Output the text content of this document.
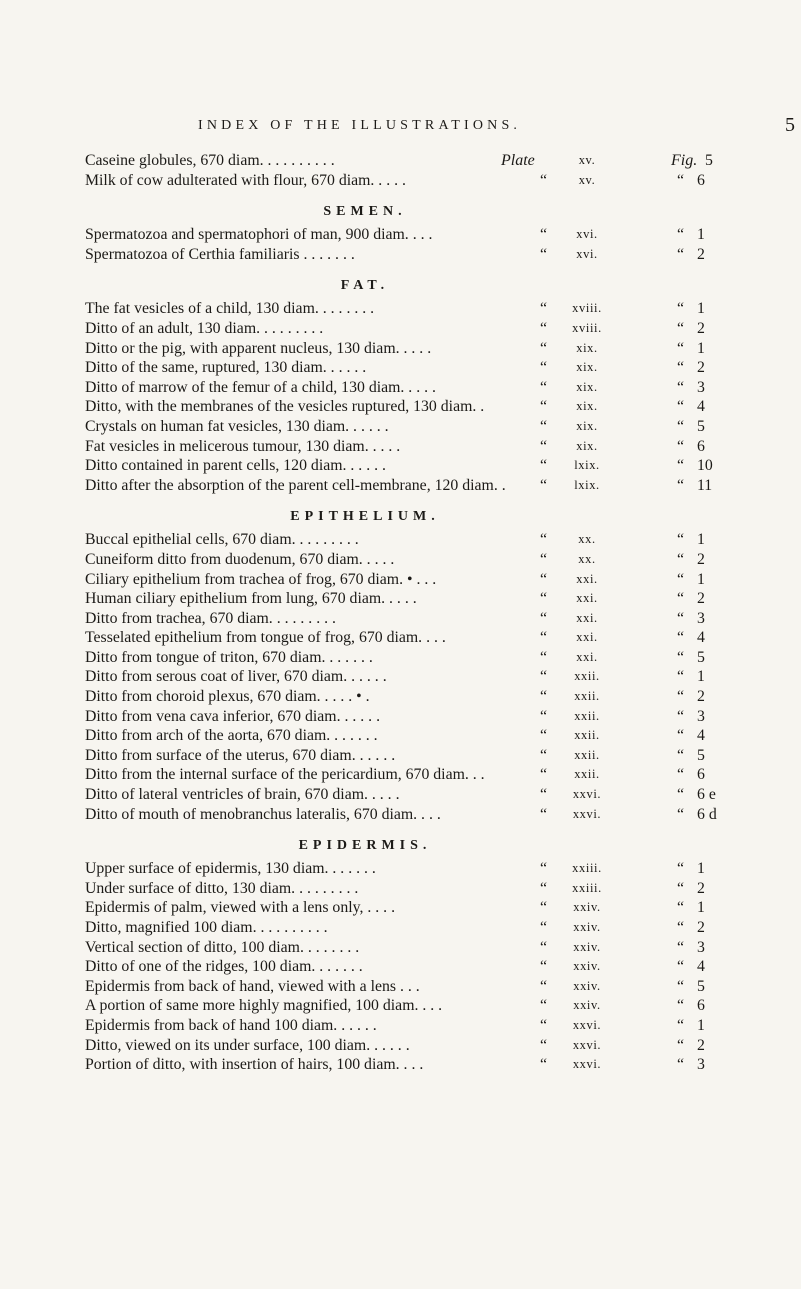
INDEX OF THE ILLUSTRATIONS.	5
Caseine globules, 670 diam. . . . . . . . . .	Plate	xv.	Fig. 5
Milk of cow adulterated with flour, 670 diam. . . . .	“	xv.	“ 6
SEMEN.
Spermatozoa and spermatophori of man, 900 diam. . . .	“	xvi.	“ 1
Spermatozoa of Certhia familiaris . . . . . . .	“	xvi.	“ 2
FAT.
The fat vesicles of a child, 130 diam. . . . . . . .	“	xviii.	“ 1
Ditto of an adult, 130 diam. . . . . . . . .	“	xviii.	“ 2
Ditto or the pig, with apparent nucleus, 130 diam. . . . .	“	xix.	“ 1
Ditto of the same, ruptured, 130 diam. . . . . .	“	xix.	“ 2
Ditto of marrow of the femur of a child, 130 diam. . . . .	“	xix.	“ 3
Ditto, with the membranes of the vesicles ruptured, 130 diam. .	“	xix.	“ 4
Crystals on human fat vesicles, 130 diam. . . . . .	“	xix.	“ 5
Fat vesicles in melicerous tumour, 130 diam. . . . .	“	xix.	“ 6
Ditto contained in parent cells, 120 diam. . . . . .	“	lxix.	“ 10
Ditto after the absorption of the parent cell-membrane, 120 diam. . “	lxix.	“ 11
EPITHELIUM.
Buccal epithelial cells, 670 diam. . . . . . . . .	“	xx.	“ 1
Cuneiform ditto from duodenum, 670 diam. . . . .	“	xx.	“ 2
Ciliary epithelium from trachea of frog, 670 diam. • . . .	“	xxi.	“ 1
Human ciliary epithelium from lung, 670 diam. . . . .	“	xxi.	“ 2
Ditto from trachea, 670 diam. . . . . . . . .	“	xxi.	“ 3
Tesselated epithelium from tongue of frog, 670 diam. . . .	“	xxi.	“ 4
Ditto from tongue of triton, 670 diam. . . . . . .	“	xxi.	“ 5
Ditto from serous coat of liver, 670 diam. . . . . .	“	xxii.	“ 1
Ditto from choroid plexus, 670 diam. . . . . • .	“	xxii.	“ 2
Ditto from vena cava inferior, 670 diam. . . . . .	“	xxii.	“ 3
Ditto from arch of the aorta, 670 diam. . . . . . .	“	xxii.	“ 4
Ditto from surface of the uterus, 670 diam. . . . . .	“	xxii.	“ 5
Ditto from the internal surface of the pericardium, 670 diam. . .	“	xxii.	“ 6
Ditto of lateral ventricles of brain, 670 diam. . . . .	“	xxvi.	“ 6 e
Ditto of mouth of menobranchus lateralis, 670 diam. . . .	“	xxvi.	“ 6 d
EPIDERMIS.
Upper surface of epidermis, 130 diam. . . . . . .	“	xxiii.	“ 1
Under surface of ditto, 130 diam. . . . . . . . .	“	xxiii.	“ 2
Epidermis of palm, viewed with a lens only, . . . .	“	xxiv.	“ 1
Ditto, magnified 100 diam. . . . . . . . . .	“	xxiv.	“ 2
Vertical section of ditto, 100 diam. . . . . . . .	“	xxiv.	“ 3
Ditto of one of the ridges, 100 diam. . . . . . .	“	xxiv.	“ 4
Epidermis from back of hand, viewed with a lens . . .	“	xxiv.	“ 5
A portion of same more highly magnified, 100 diam. . . .	“	xxiv.	“ 6
Epidermis from back of hand 100 diam. . . . . .	“	xxvi.	“ 1
Ditto, viewed on its under surface, 100 diam. . . . . .	“	xxvi.	“ 2
Portion of ditto, with insertion of hairs, 100 diam. . . .	“	xxvi.	“ 3
